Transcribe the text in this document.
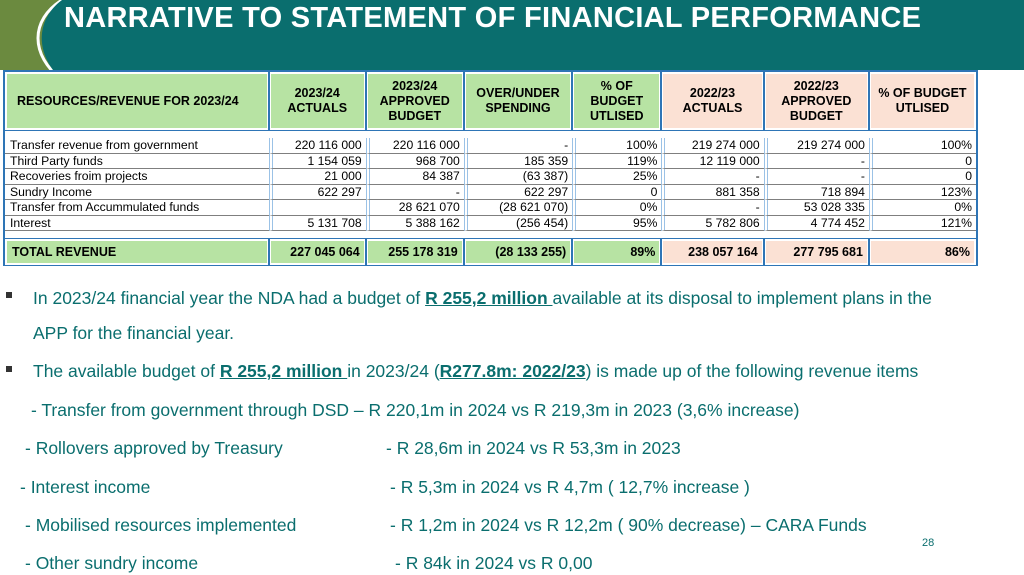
NARRATIVE TO STATEMENT OF FINANCIAL PERFORMANCE
RESOURCES/REVENUE FOR 2023/24	2023/24 ACTUALS	2023/24 APPROVED BUDGET	OVER/UNDER SPENDING	% OF BUDGET UTLISED	2022/23 ACTUALS	2022/23 APPROVED BUDGET	% OF BUDGET UTLISED

Transfer revenue from government	220 116 000	220 116 000	-	100%	219 274 000	219 274 000	100%
Third Party funds	1 154 059	968 700	185 359	119%	12 119 000	-	0
Recoveries froim projects	21 000	84 387	(63 387)	25%	-	-	0
Sundry Income	622 297	-	622 297	0	881 358	718 894	123%
Transfer from Accummulated funds		28 621 070	(28 621 070)	0%	-	53 028 335	0%
Interest	5 131 708	5 388 162	(256 454)	95%	5 782 806	4 774 452	121%

TOTAL REVENUE	227 045 064	255 178 319	(28 133 255)	89%	238 057 164	277 795 681	86%
In 2023/24 financial year the NDA had a budget of R 255,2 million available at its disposal to implement plans in the
APP for the financial year.
The available budget of R 255,2 million in 2023/24 (R277.8m: 2022/23) is made up of the following revenue items
- Transfer from government through DSD – R 220,1m in 2024 vs R 219,3m in 2023 (3,6% increase)
- Rollovers approved by Treasury	- R 28,6m in 2024 vs R 53,3m in 2023
- Interest income	- R 5,3m in 2024 vs R 4,7m ( 12,7% increase )
- Mobilised resources implemented	- R 1,2m in 2024 vs R 12,2m ( 90% decrease) – CARA Funds
- Other sundry income	- R 84k in 2024 vs R 0,00
28
